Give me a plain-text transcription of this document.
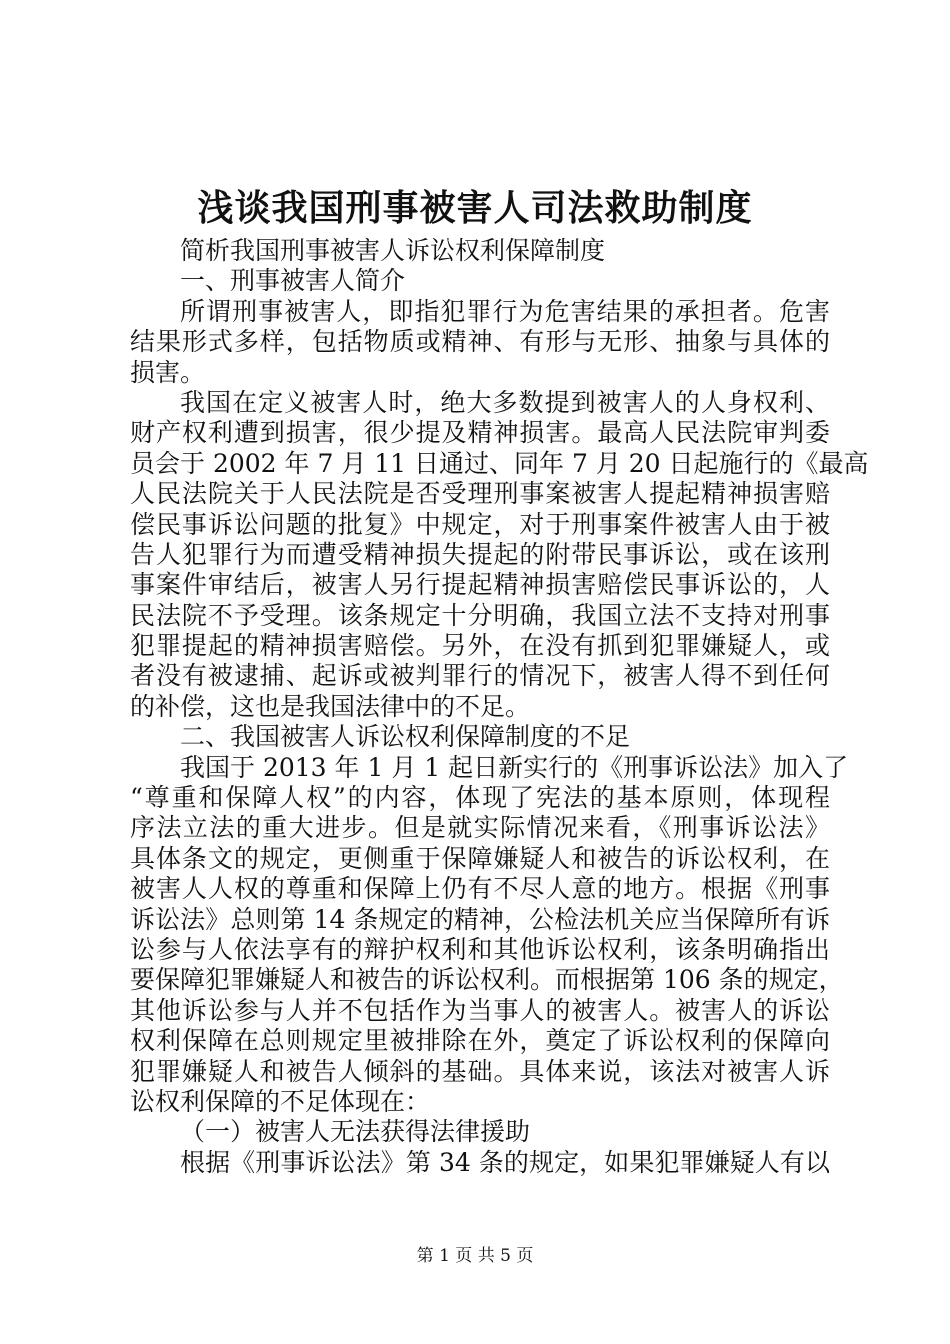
浅谈我国刑事被害人司法救助制度
简析我国刑事被害人诉讼权利保障制度
一、刑事被害人简介
所谓刑事被害人，即指犯罪行为危害结果的承担者。危害
结果形式多样，包括物质或精神、有形与无形、抽象与具体的
损害。
我国在定义被害人时，绝大多数提到被害人的人身权利、
财产权利遭到损害，很少提及精神损害。最高人民法院审判委
员会于 2002 年 7 月 11 日通过、同年 7 月 20 日起施行的《最高
人民法院关于人民法院是否受理刑事案被害人提起精神损害赔
偿民事诉讼问题的批复》中规定，对于刑事案件被害人由于被
告人犯罪行为而遭受精神损失提起的附带民事诉讼，或在该刑
事案件审结后，被害人另行提起精神损害赔偿民事诉讼的，人
民法院不予受理。该条规定十分明确，我国立法不支持对刑事
犯罪提起的精神损害赔偿。另外，在没有抓到犯罪嫌疑人，或
者没有被逮捕、起诉或被判罪行的情况下，被害人得不到任何
的补偿，这也是我国法律中的不足。
二、我国被害人诉讼权利保障制度的不足
我国于 2013 年 1 月 1 起日新实行的《刑事诉讼法》加入了
“尊重和保障人权”的内容，体现了宪法的基本原则，体现程
序法立法的重大进步。但是就实际情况来看，《刑事诉讼法》
具体条文的规定，更侧重于保障嫌疑人和被告的诉讼权利，在
被害人人权的尊重和保障上仍有不尽人意的地方。根据《刑事
诉讼法》总则第 14 条规定的精神，公检法机关应当保障所有诉
讼参与人依法享有的辩护权利和其他诉讼权利，该条明确指出
要保障犯罪嫌疑人和被告的诉讼权利。而根据第 106 条的规定，
其他诉讼参与人并不包括作为当事人的被害人。被害人的诉讼
权利保障在总则规定里被排除在外，奠定了诉讼权利的保障向
犯罪嫌疑人和被告人倾斜的基础。具体来说，该法对被害人诉
讼权利保障的不足体现在：
（一）被害人无法获得法律援助
根据《刑事诉讼法》第 34 条的规定，如果犯罪嫌疑人有以
第 1 页 共 5 页
